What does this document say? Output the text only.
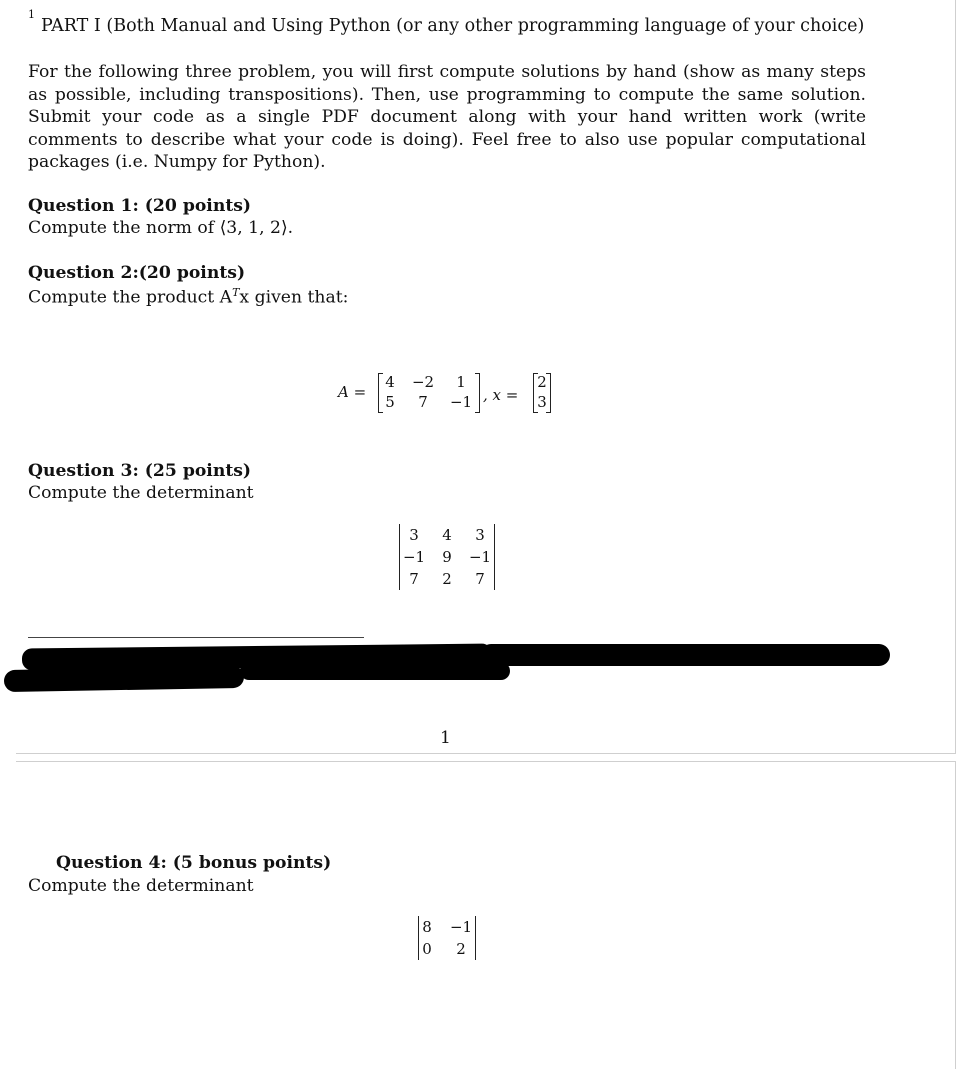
$^1$PART I (Both Manual and Using Python (or any other programming language of your choice)
For the following three problem, you will first compute solutions by hand (show as many steps as possible, including transpositions). Then, use programming to compute the same solution. Submit your code as a single PDF document along with your hand written work (write comments to describe what your code is doing). Feel free to also use popular computational packages (i.e. Numpy for Python).
Question 1: (20 points)
Compute the norm of ⟨3, 1, 2⟩.
Question 2:(20 points)
Compute the product $A^Tx$ given that:
A =
4	−2	1
5	7	−1 , x =
2
3
Question 3: (25 points)
Compute the determinant
3	4	3
−1	9	−1
7	2	7
1
Question 4: (5 bonus points)
Compute the determinant
8	−1
0	2
